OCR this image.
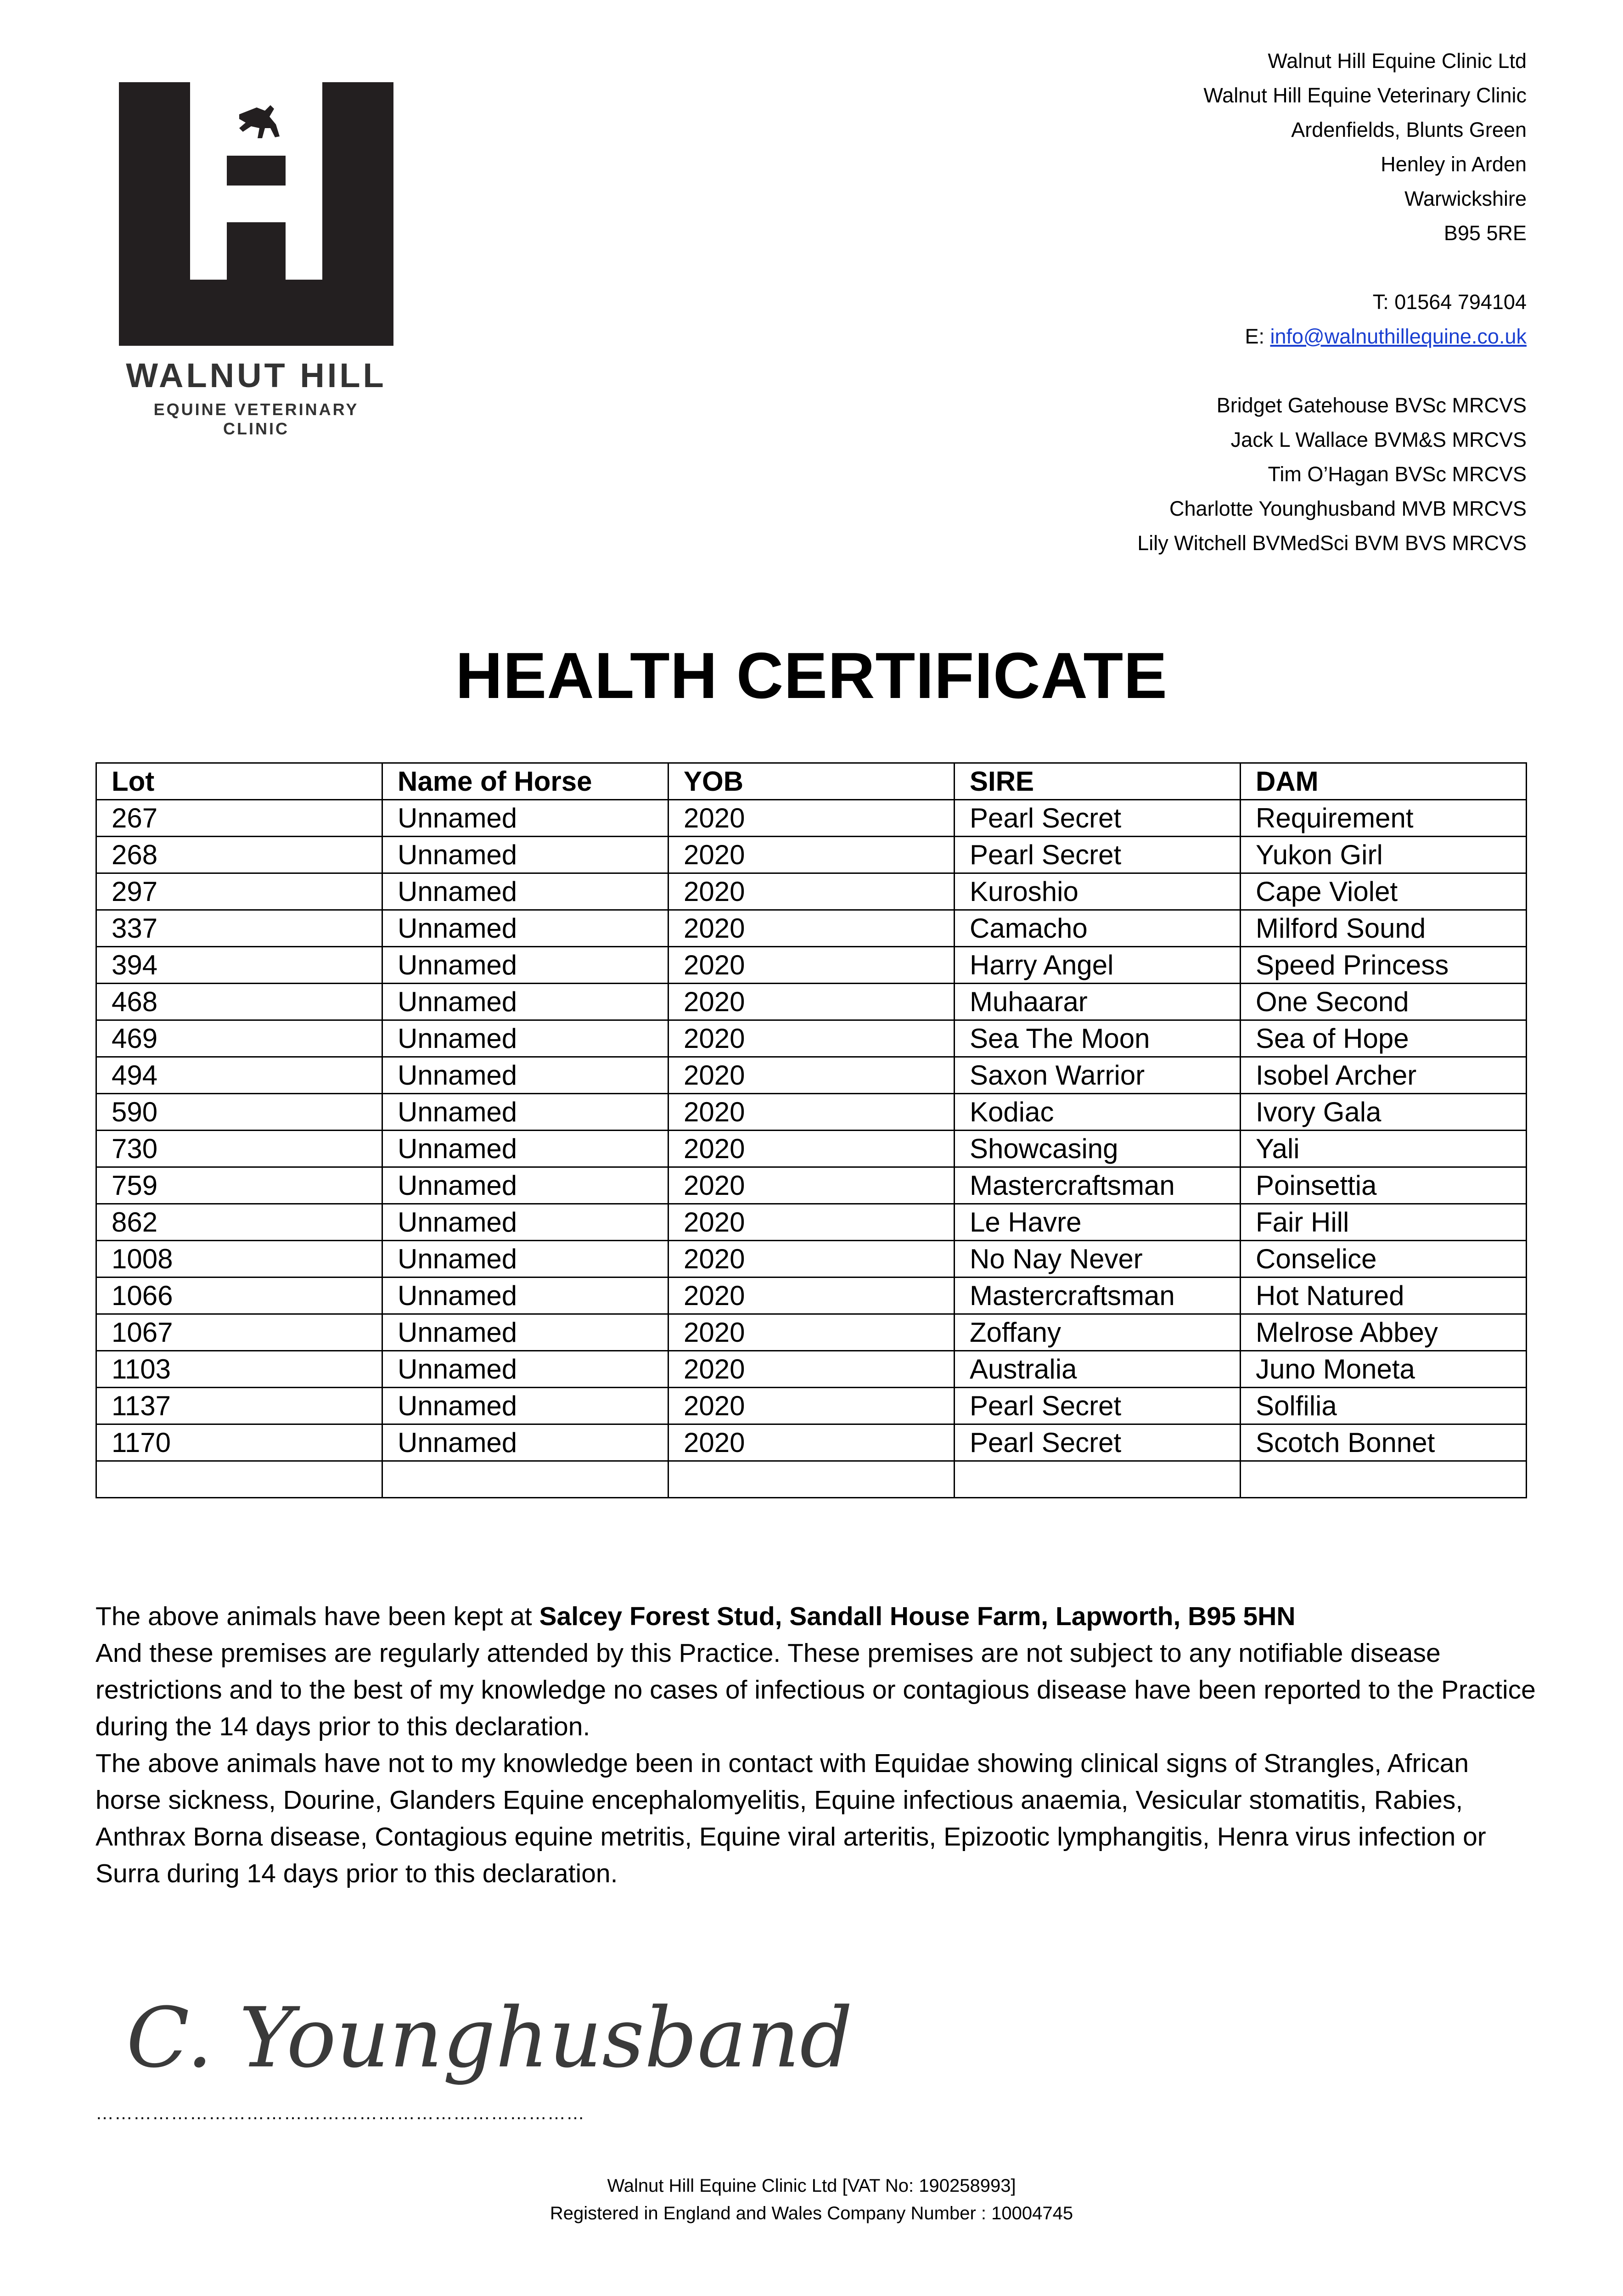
WALNUT HILL
EQUINE VETERINARY CLINIC
Walnut Hill Equine Clinic Ltd
Walnut Hill Equine Veterinary Clinic
Ardenfields, Blunts Green
Henley in Arden
Warwickshire
B95 5RE
T: 01564 794104
E: info@walnuthillequine.co.uk
Bridget Gatehouse BVSc MRCVS
Jack L Wallace BVM&S MRCVS
Tim O’Hagan BVSc MRCVS
Charlotte Younghusband MVB MRCVS
Lily Witchell BVMedSci BVM BVS MRCVS
HEALTH CERTIFICATE
Lot	Name of Horse	YOB	SIRE	DAM
267	Unnamed	2020	Pearl Secret	Requirement
268	Unnamed	2020	Pearl Secret	Yukon Girl
297	Unnamed	2020	Kuroshio	Cape Violet
337	Unnamed	2020	Camacho	Milford Sound
394	Unnamed	2020	Harry Angel	Speed Princess
468	Unnamed	2020	Muhaarar	One Second
469	Unnamed	2020	Sea The Moon	Sea of Hope
494	Unnamed	2020	Saxon Warrior	Isobel Archer
590	Unnamed	2020	Kodiac	Ivory Gala
730	Unnamed	2020	Showcasing	Yali
759	Unnamed	2020	Mastercraftsman	Poinsettia
862	Unnamed	2020	Le Havre	Fair Hill
1008	Unnamed	2020	No Nay Never	Conselice
1066	Unnamed	2020	Mastercraftsman	Hot Natured
1067	Unnamed	2020	Zoffany	Melrose Abbey
1103	Unnamed	2020	Australia	Juno Moneta
1137	Unnamed	2020	Pearl Secret	Solfilia
1170	Unnamed	2020	Pearl Secret	Scotch Bonnet

The above animals have been kept at Salcey Forest Stud, Sandall House Farm, Lapworth, B95 5HN
And these premises are regularly attended by this Practice. These premises are not subject to any notifiable disease restrictions and to the best of my knowledge no cases of infectious or contagious disease have been reported to the Practice during the 14 days prior to this declaration.
The above animals have not to my knowledge been in contact with Equidae showing clinical signs of Strangles, African horse sickness, Dourine, Glanders Equine encephalomyelitis, Equine infectious anaemia, Vesicular stomatitis, Rabies, Anthrax Borna disease, Contagious equine metritis, Equine viral arteritis, Epizootic lymphangitis, Henra virus infection or Surra during 14 days prior to this declaration.
C. Younghusband
……………………………………………………………………
Walnut Hill Equine Clinic Ltd [VAT No: 190258993]
Registered in England and Wales Company Number : 10004745
